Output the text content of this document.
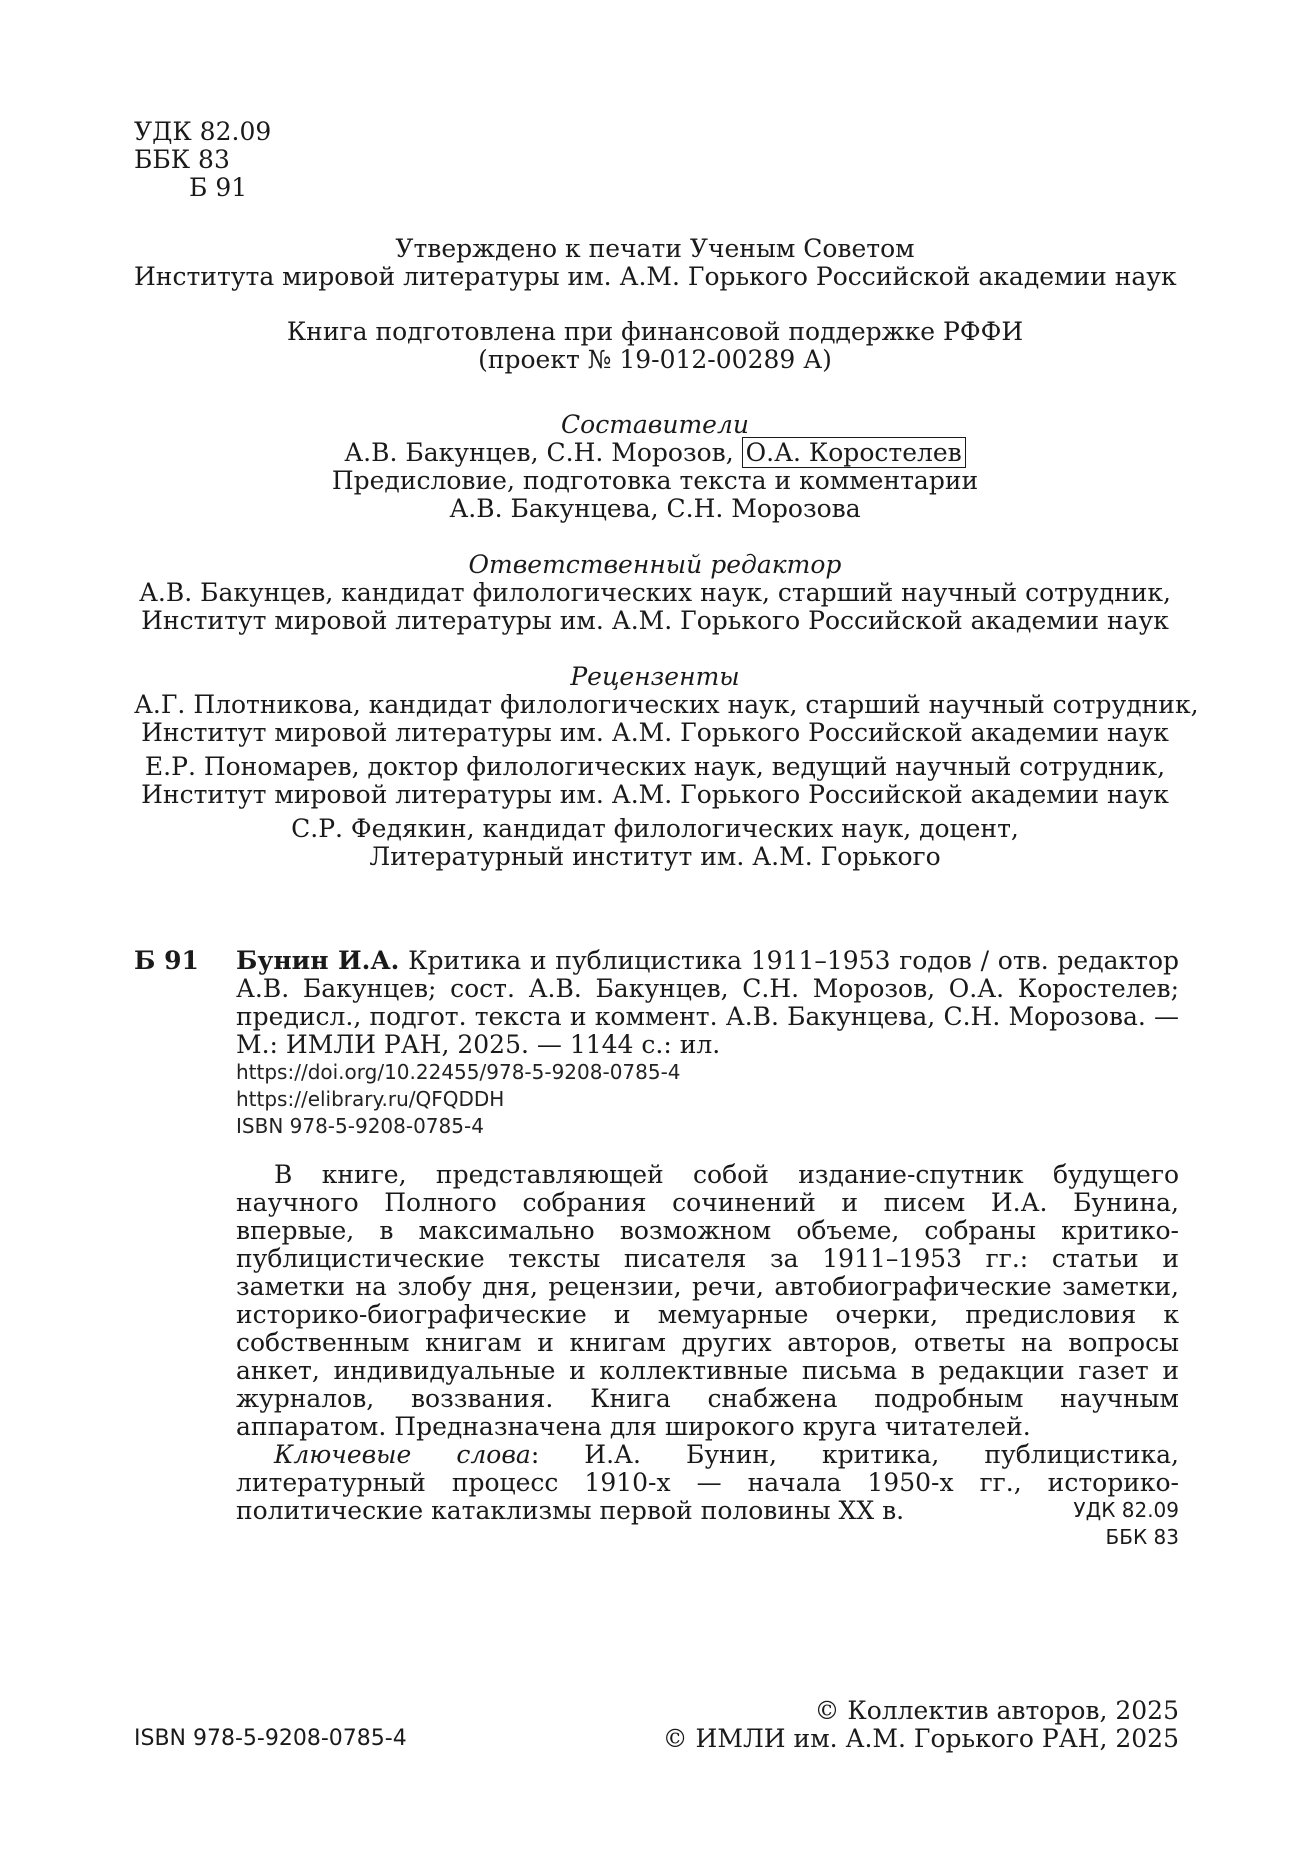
УДК 82.09
ББК 83
Б 91
Утверждено к печати Ученым Советом
Института мировой литературы им. А.М. Горького Российской академии наук
Книга подготовлена при финансовой поддержке РФФИ
(проект № 19-012-00289 А)
Составители
А.В. Бакунцев, С.Н. Морозов, О.А. Коростелев
Предисловие, подготовка текста и комментарии
А.В. Бакунцева, С.Н. Морозова
Ответственный редактор
А.В. Бакунцев, кандидат филологических наук, старший научный сотрудник,
Институт мировой литературы им. А.М. Горького Российской академии наук
Рецензенты
А.Г. Плотникова, кандидат филологических наук, старший научный сотрудник,
Институт мировой литературы им. А.М. Горького Российской академии наук
Е.Р. Пономарев, доктор филологических наук, ведущий научный сотрудник,
Институт мировой литературы им. А.М. Горького Российской академии наук
С.Р. Федякин, кандидат филологических наук, доцент,
Литературный институт им. А.М. Горького
Б 91 Бунин И.А. Критика и публицистика 1911–1953 годов / отв. редактор А.В. Бакунцев; сост. А.В. Бакунцев, С.Н. Морозов, О.А. Коростелев; предисл., подгот. текста и коммент. А.В. Бакунцева, С.Н. Морозова. — М.: ИМЛИ РАН, 2025. — 1144 с.: ил.
https://doi.org/10.22455/978-5-9208-0785-4
https://elibrary.ru/QFQDDH
ISBN 978-5-9208-0785-4

В книге, представляющей собой издание-спутник будущего научного Полного собрания сочинений и писем И.А. Бунина, впервые, в максимально возможном объеме, собраны критико-публицистические тексты писателя за 1911–1953 гг.: статьи и заметки на злобу дня, рецензии, речи, автобиографические заметки, историко-биографические и мемуарные очерки, предисловия к собственным книгам и книгам других авторов, ответы на вопросы анкет, индивидуальные и коллективные письма в редакции газет и журналов, воззвания. Книга снабжена подробным научным аппаратом. Предназначена для широкого круга читателей.

Ключевые слова: И.А. Бунин, критика, публицистика, литературный процесс 1910-х — начала 1950-х гг., историко-политические катаклизмы первой половины XX в.	УДК 82.09
ББК 83
ISBN 978-5-9208-0785-4
© Коллектив авторов, 2025
© ИМЛИ им. А.М. Горького РАН, 2025
